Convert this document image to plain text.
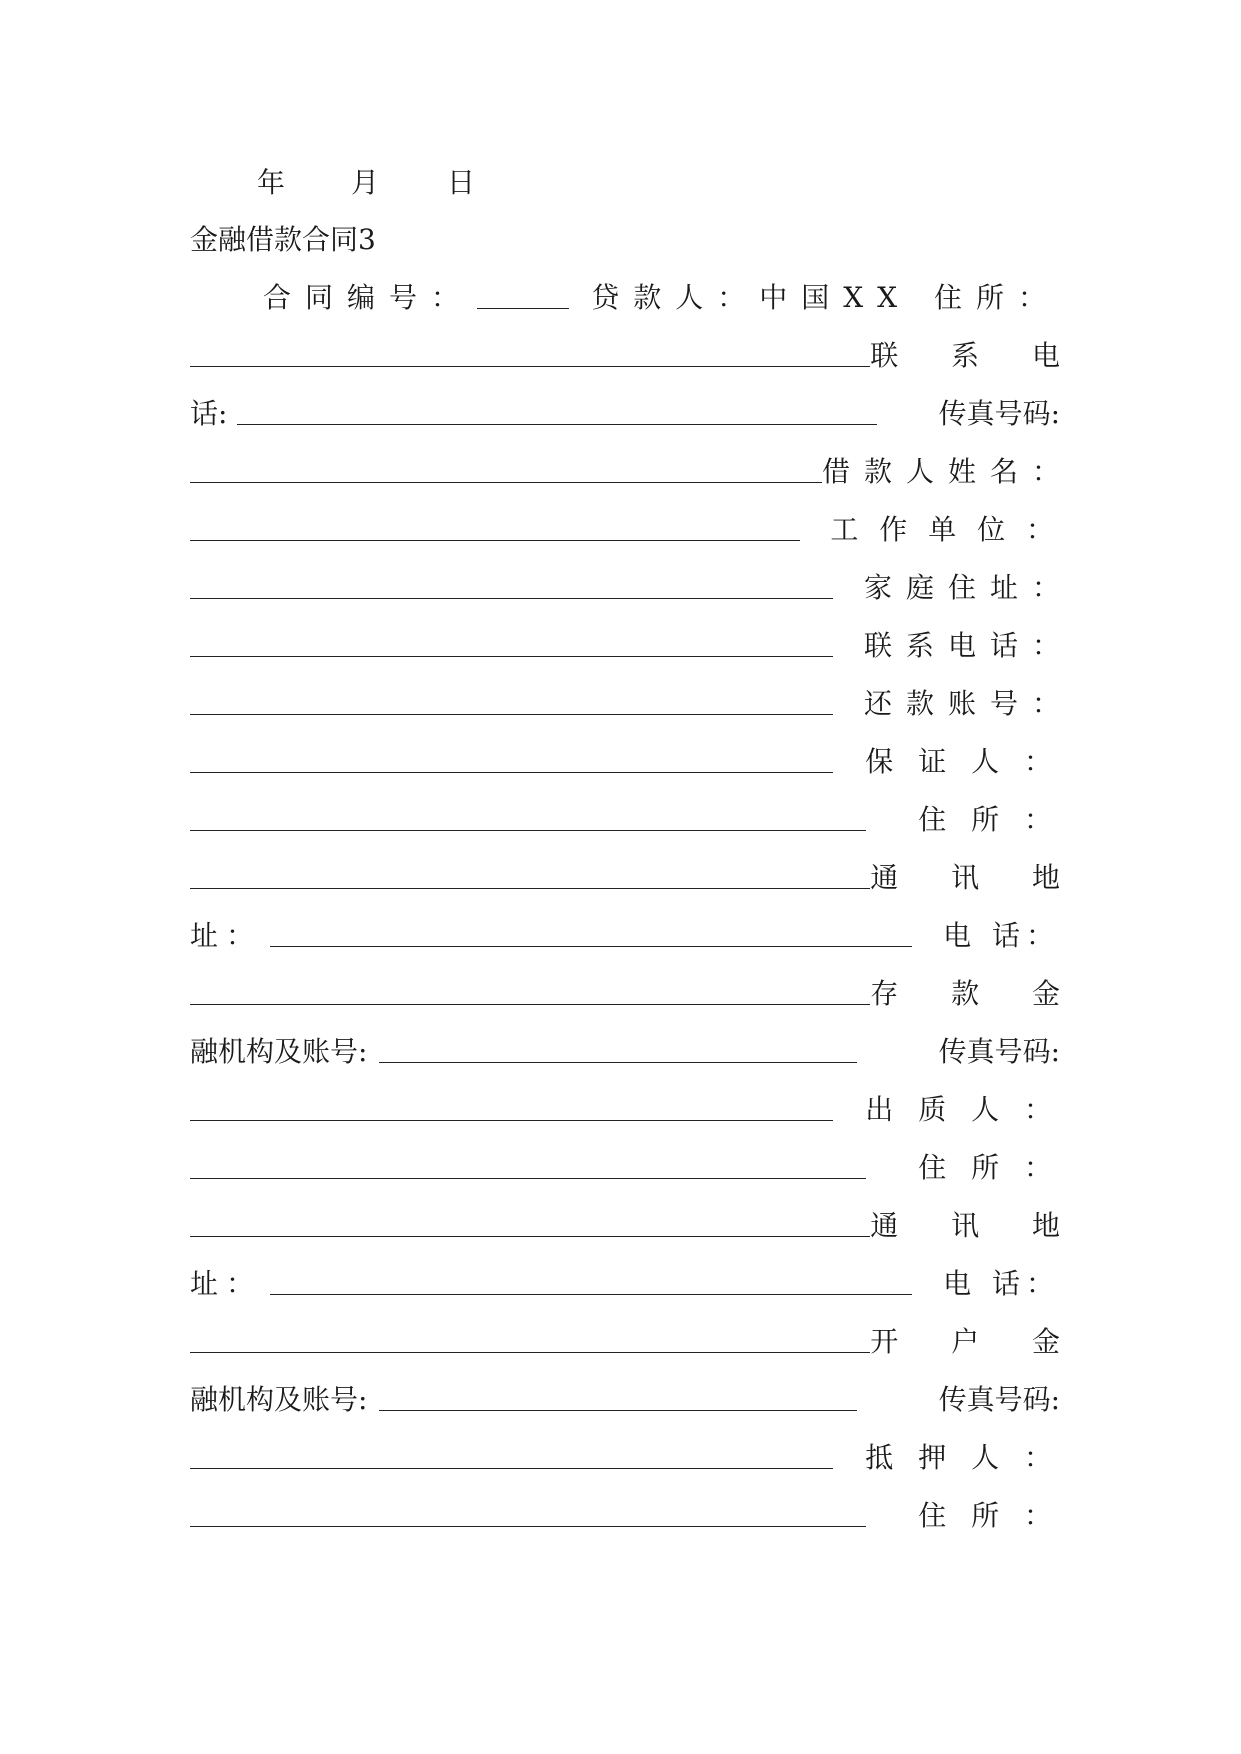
年 月 日
金融借款合同3
合同编号：	贷款人：中国XX 住所：
联 系 电
话:	传真号码:
借款人姓名：
工 作 单 位 ：
家庭住址：
联系电话：
还款账号：
保 证 人 ：
住 所 ：
通 讯 地
址：	电 话：
存 款 金
融机构及账号:	传真号码:
出 质 人 ：
住 所 ：
通 讯 地
址：	电 话：
开 户 金
融机构及账号:	传真号码:
抵 押 人 ：
住 所 ：
